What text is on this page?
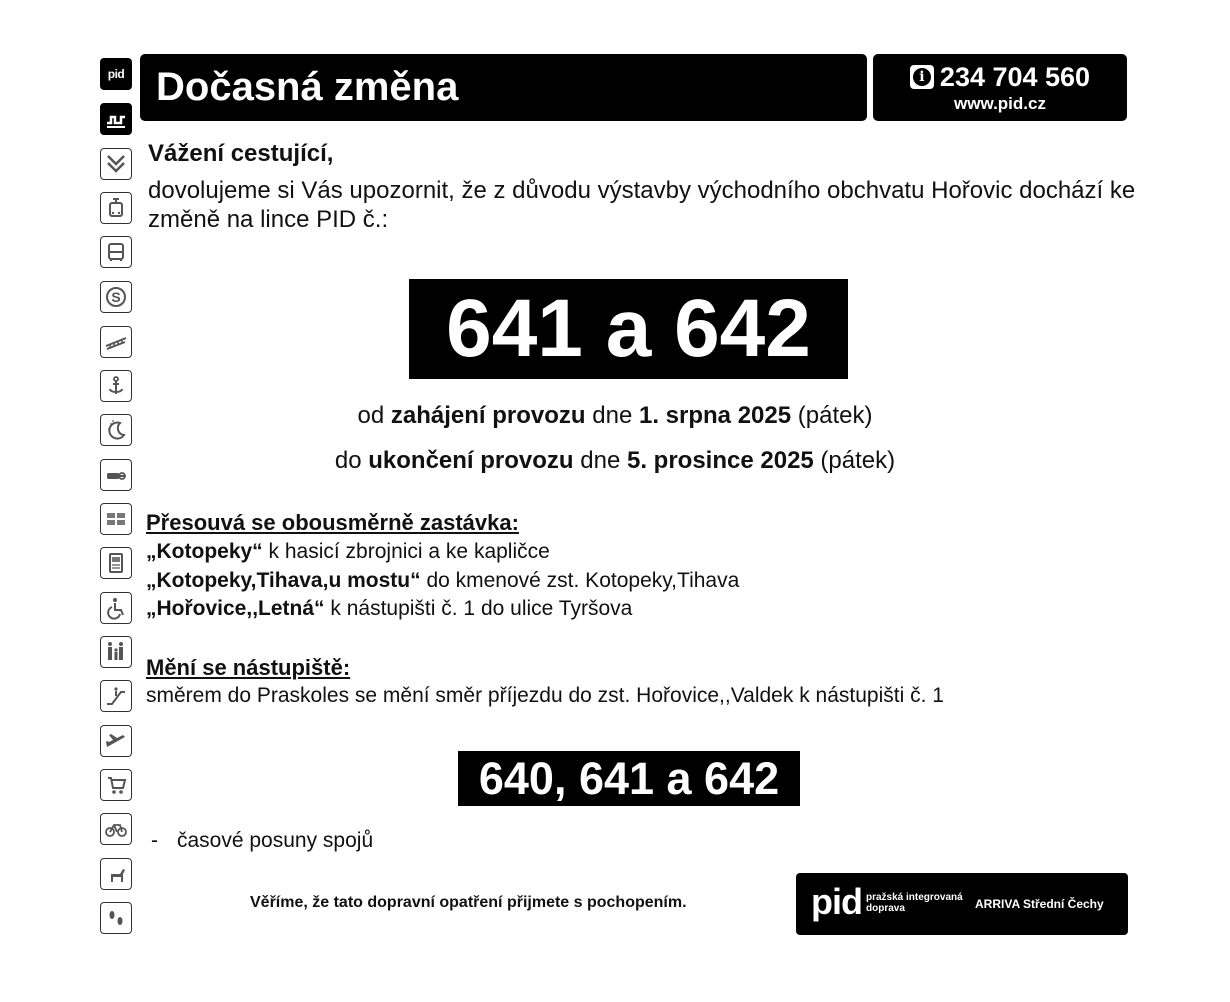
pid
S
Dočasná změna	i 234 704 560
www.pid.cz
Vážení cestující,
dovolujeme si Vás upozornit, že z důvodu výstavby východního obchvatu Hořovic dochází ke změně na lince PID č.:
641 a 642
od zahájení provozu dne 1. srpna 2025 (pátek)
do ukončení provozu dne 5. prosince 2025 (pátek)
Přesouvá se obousměrně zastávka:
„Kotopeky“ k hasicí zbrojnici a ke kapličce
„Kotopeky,Tihava,u mostu“ do kmenové zst. Kotopeky,Tihava
„Hořovice,,Letná“ k nástupišti č. 1 do ulice Tyršova
Mění se nástupiště:
směrem do Praskoles se mění směr příjezdu do zst. Hořovice,,Valdek k nástupišti č. 1
640, 641 a 642
- časové posuny spojů
Věříme, že tato dopravní opatření přijmete s pochopením.	pid pražská integrovaná
doprava	ARRIVA Střední Čechy
